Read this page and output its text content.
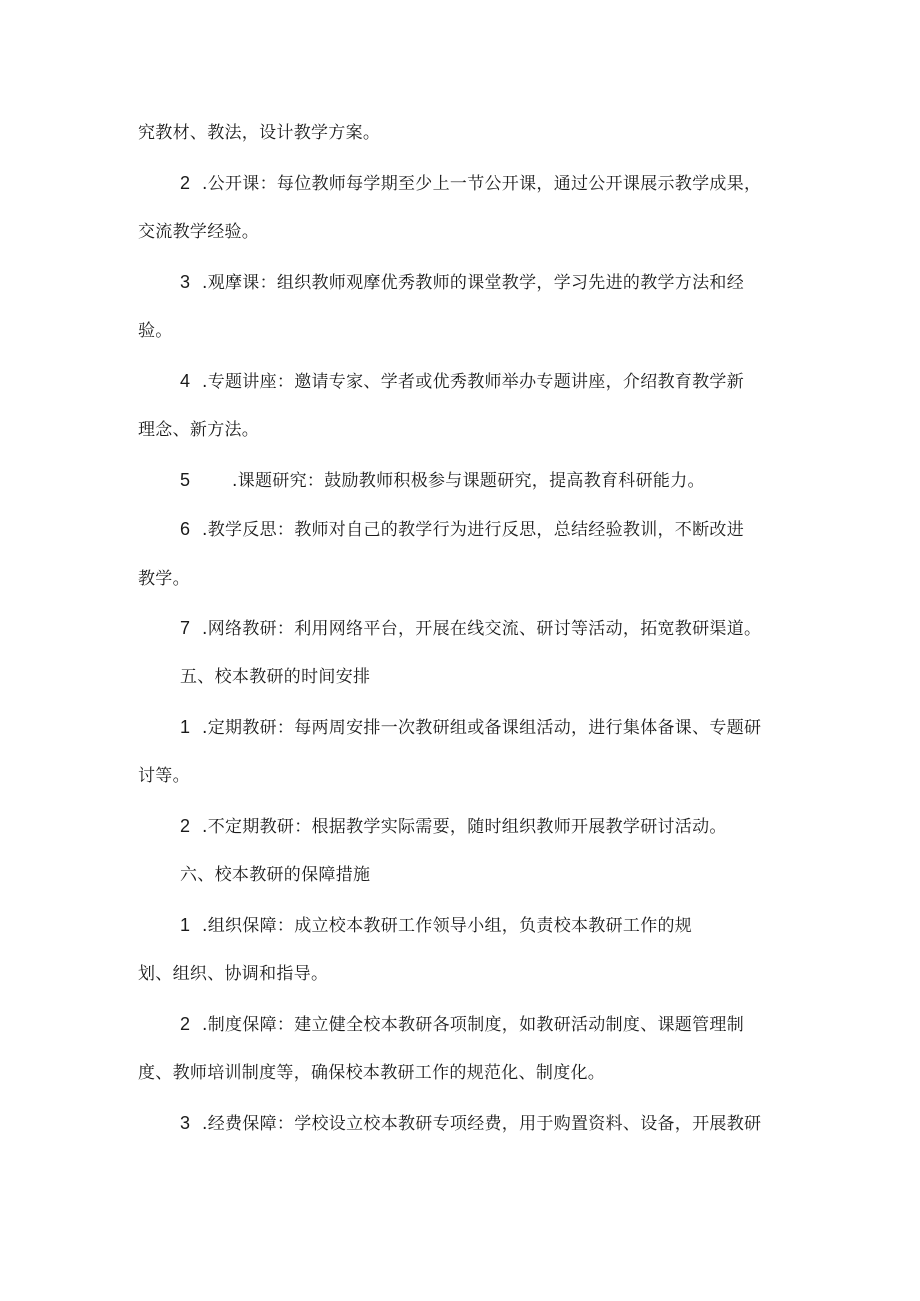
究教材、教法，设计教学方案。
2 .公开课：每位教师每学期至少上一节公开课，通过公开课展示教学成果，
交流教学经验。
3 .观摩课：组织教师观摩优秀教师的课堂教学，学习先进的教学方法和经
验。
4 .专题讲座：邀请专家、学者或优秀教师举办专题讲座，介绍教育教学新
理念、新方法。
5 .课题研究：鼓励教师积极参与课题研究，提高教育科研能力。
6 .教学反思：教师对自己的教学行为进行反思，总结经验教训，不断改进
教学。
7 .网络教研：利用网络平台，开展在线交流、研讨等活动，拓宽教研渠道。
五、校本教研的时间安排
1 .定期教研：每两周安排一次教研组或备课组活动，进行集体备课、专题研
讨等。
2 .不定期教研：根据教学实际需要，随时组织教师开展教学研讨活动。
六、校本教研的保障措施
1 .组织保障：成立校本教研工作领导小组，负责校本教研工作的规
划、组织、协调和指导。
2 .制度保障：建立健全校本教研各项制度，如教研活动制度、课题管理制
度、教师培训制度等，确保校本教研工作的规范化、制度化。
3 .经费保障：学校设立校本教研专项经费，用于购置资料、设备，开展教研
